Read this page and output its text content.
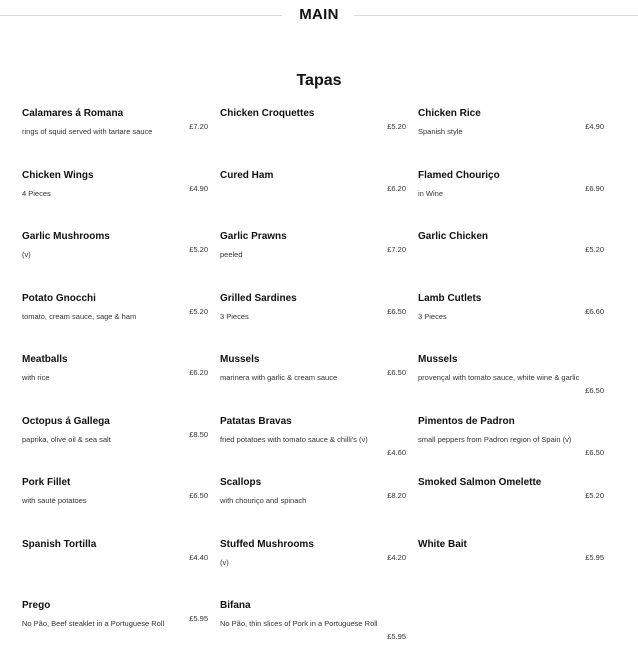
MAIN
Tapas
Calamares á Romana
£7.20
rings of squid served with tartare sauce
Chicken Croquettes
£5.20
Chicken Rice
£4.90
Spanish style
Chicken Wings
£4.90
4 Pieces
Cured Ham
£6.20
Flamed Chouriço
£6.90
in Wine
Garlic Mushrooms
£5.20
(v)
Garlic Prawns
£7.20
peeled
Garlic Chicken
£5.20
Potato Gnocchi
£5.20
tomato, cream sauce, sage & ham
Grilled Sardines
£6.50
3 Pieces
Lamb Cutlets
£6.60
3 Pieces
Meatballs
£6.20
with rice
Mussels
£6.50
marinera with garlic & cream sauce
Mussels
provençal with tomato sauce, white wine & garlic
£6.50
Octopus á Gallega
£8.50
paprika, olive oil & sea salt
Patatas Bravas
fried potatoes with tomato sauce & chilli's (v)
£4.60
Pimentos de Padron
small peppers from Padron region of Spain (v)
£6.50
Pork Fillet
£6.50
with sauté potatoes
Scallops
£8.20
with chouriço and spinach
Smoked Salmon Omelette
£5.20
Spanish Tortilla
£4.40
Stuffed Mushrooms
£4.20
(v)
White Bait
£5.95
Prego
£5.95
No Pão, Beef steaklet in a Portuguese Roll
Bifana
No Pão, thin slices of Pork in a Portuguese Roll
£5.95
